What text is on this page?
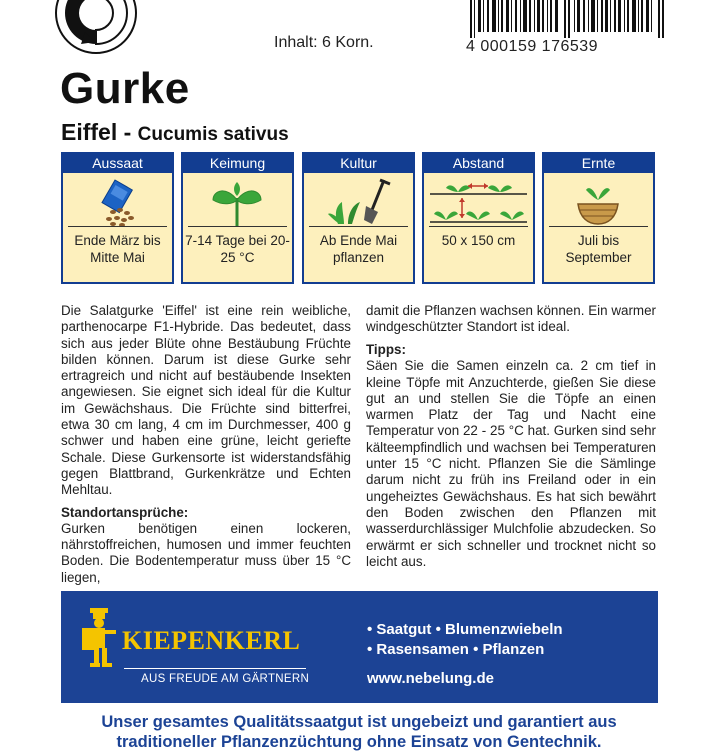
Inhalt: 6 Korn.	4 000159 176539
Gurke
Eiffel - Cucumis sativus
Aussaat
Ende März bis Mitte Mai
Keimung
7-14 Tage bei 20-25 °C
Kultur
Ab Ende Mai pflanzen
Abstand
50 x 150 cm
Ernte
Juli bis September

Die Salatgurke 'Eiffel' ist eine rein weibliche, parthenocarpe F1-Hybride. Das bedeutet, dass sich aus jeder Blüte ohne Bestäubung Früchte bilden können. Darum ist diese Gurke sehr ertragreich und nicht auf bestäubende Insekten angewiesen. Sie eignet sich ideal für die Kultur im Gewächshaus. Die Früchte sind bitterfrei, etwa 30 cm lang, 4 cm im Durchmesser, 400 g schwer und haben eine grüne, leicht geriefte Schale. Diese Gurkensorte ist widerstandsfähig gegen Blattbrand, Gurkenkrätze und Echten Mehltau.

Standortansprüche:

Gurken benötigen einen lockeren, nährstoffreichen, humosen und immer feuchten Boden. Die Bodentemperatur muss über 15 °C liegen,

damit die Pflanzen wachsen können. Ein warmer windgeschützter Standort ist ideal.

Tipps:

Säen Sie die Samen einzeln ca. 2 cm tief in kleine Töpfe mit Anzuchterde, gießen Sie diese gut an und stellen Sie die Töpfe an einen warmen Platz der Tag und Nacht eine Temperatur von 22 - 25 °C hat. Gurken sind sehr kälteempfindlich und wachsen bei Temperaturen unter 15 °C nicht. Pflanzen Sie die Sämlinge darum nicht zu früh ins Freiland oder in ein ungeheiztes Gewächshaus. Es hat sich bewährt den Boden zwischen den Pflanzen mit wasserdurchlässiger Mulchfolie abzudecken. So erwärmt er sich schneller und trocknet nicht so leicht aus.

KIEPENKERL
AUS FREUDE AM GÄRTNERN
• Saatgut • Blumenzwiebeln
• Rasensamen • Pflanzen
www.nebelung.de
Unser gesamtes Qualitätssaatgut ist ungebeizt und garantiert aus
traditioneller Pflanzenzüchtung ohne Einsatz von Gentechnik.
